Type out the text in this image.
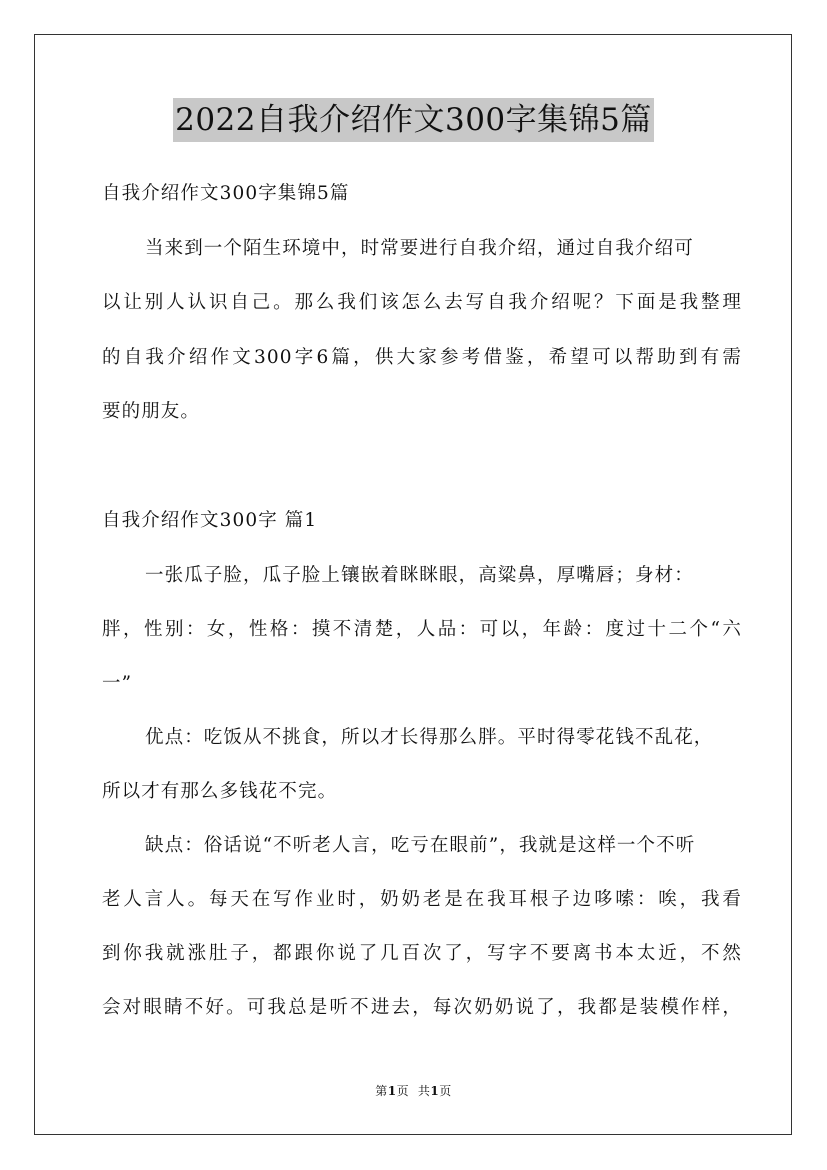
2022自我介绍作文300字集锦5篇
自我介绍作文300字集锦5篇
当来到一个陌生环境中，时常要进行自我介绍，通过自我介绍可
以让别人认识自己。那么我们该怎么去写自我介绍呢？下面是我整理
的自我介绍作文300字6篇，供大家参考借鉴，希望可以帮助到有需
要的朋友。
自我介绍作文300字 篇1
一张瓜子脸，瓜子脸上镶嵌着眯眯眼，高粱鼻，厚嘴唇；身材：
胖，性别：女，性格：摸不清楚，人品：可以，年龄：度过十二个“六
一”
优点：吃饭从不挑食，所以才长得那么胖。平时得零花钱不乱花，
所以才有那么多钱花不完。
缺点：俗话说“不听老人言，吃亏在眼前”，我就是这样一个不听
老人言人。每天在写作业时，奶奶老是在我耳根子边哆嗦：唉，我看
到你我就涨肚子，都跟你说了几百次了，写字不要离书本太近，不然
会对眼睛不好。可我总是听不进去，每次奶奶说了，我都是装模作样，
第1页 共1页
